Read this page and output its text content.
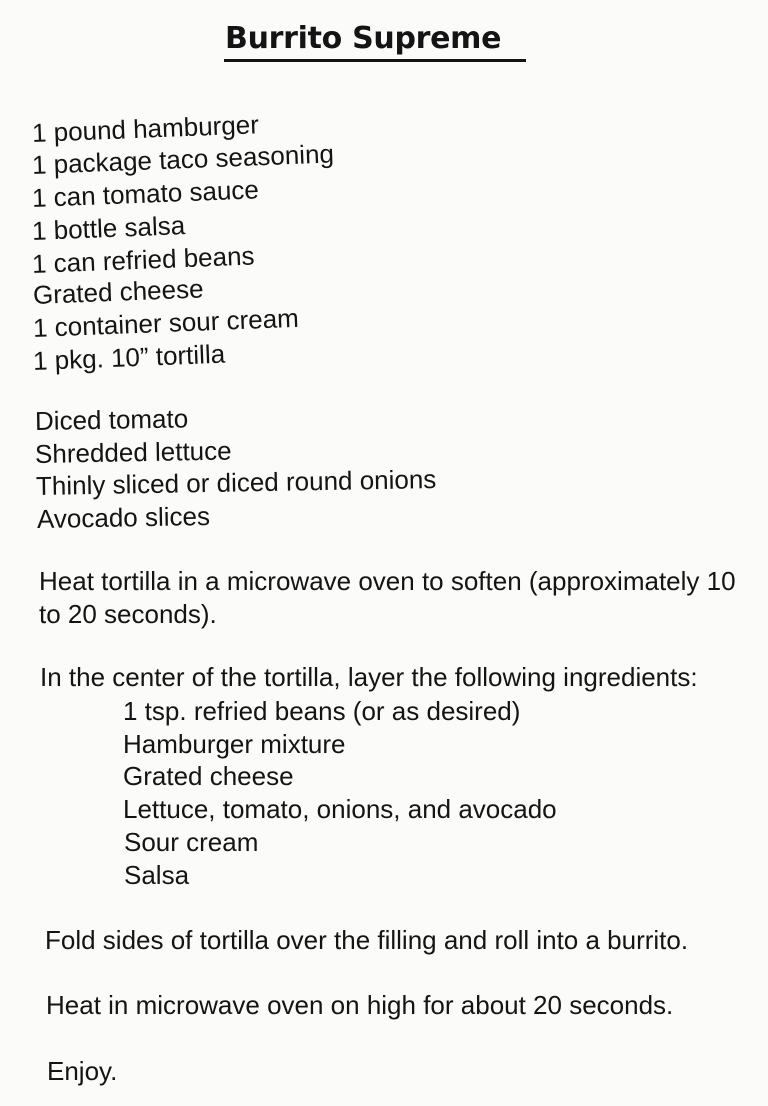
Burrito Supreme
1 pound hamburger
1 package taco seasoning
1 can tomato sauce
1 bottle salsa
1 can refried beans
Grated cheese
1 container sour cream
1 pkg. 10” tortilla
Diced tomato
Shredded lettuce
Thinly sliced or diced round onions
Avocado slices
Heat tortilla in a microwave oven to soften (approximately 10
to 20 seconds).
In the center of the tortilla, layer the following ingredients:
1 tsp. refried beans (or as desired)
Hamburger mixture
Grated cheese
Lettuce, tomato, onions, and avocado
Sour cream
Salsa
Fold sides of tortilla over the filling and roll into a burrito.
Heat in microwave oven on high for about 20 seconds.
Enjoy.
